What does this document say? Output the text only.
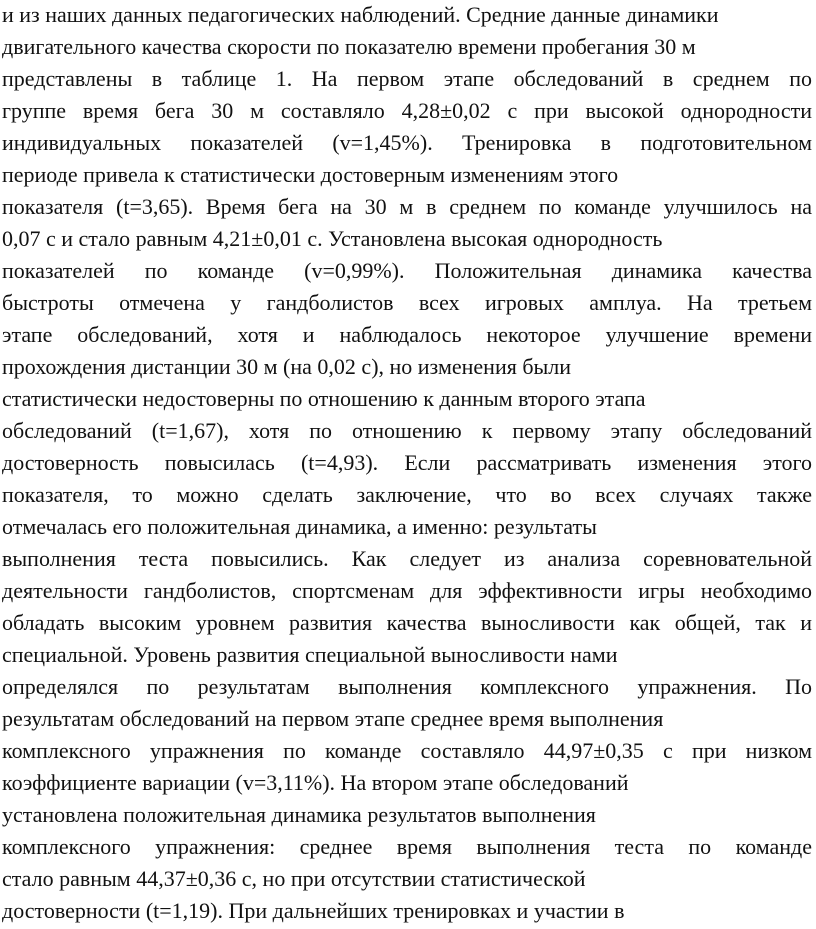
и из наших данных педагогических наблюдений. Средние данные динамики
двигательного качества скорости по показателю времени пробегания 30 м
представлены в таблице 1. На первом этапе обследований в среднем по
группе время бега 30 м составляло 4,28±0,02 с при высокой однородности
индивидуальных показателей (v=1,45%). Тренировка в подготовительном
периоде привела к статистически достоверным изменениям этого
показателя (t=3,65). Время бега на 30 м в среднем по команде улучшилось на
0,07 с и стало равным 4,21±0,01 с. Установлена высокая однородность
показателей по команде (v=0,99%). Положительная динамика качества
быстроты отмечена у гандболистов всех игровых амплуа. На третьем
этапе обследований, хотя и наблюдалось некоторое улучшение времени
прохождения дистанции 30 м (на 0,02 с), но изменения были
статистически недостоверны по отношению к данным второго этапа
обследований (t=1,67), хотя по отношению к первому этапу обследований
достоверность повысилась (t=4,93). Если рассматривать изменения этого
показателя, то можно сделать заключение, что во всех случаях также
отмечалась его положительная динамика, а именно: результаты
выполнения теста повысились. Как следует из анализа соревновательной
деятельности гандболистов, спортсменам для эффективности игры необходимо
обладать высоким уровнем развития качества выносливости как общей, так и
специальной. Уровень развития специальной выносливости нами
определялся по результатам выполнения комплексного упражнения. По
результатам обследований на первом этапе среднее время выполнения
комплексного упражнения по команде составляло 44,97±0,35 с при низком
коэффициенте вариации (v=3,11%). На втором этапе обследований
установлена положительная динамика результатов выполнения
комплексного упражнения: среднее время выполнения теста по команде
стало равным 44,37±0,36 с, но при отсутствии статистической
достоверности (t=1,19). При дальнейших тренировках и участии в
